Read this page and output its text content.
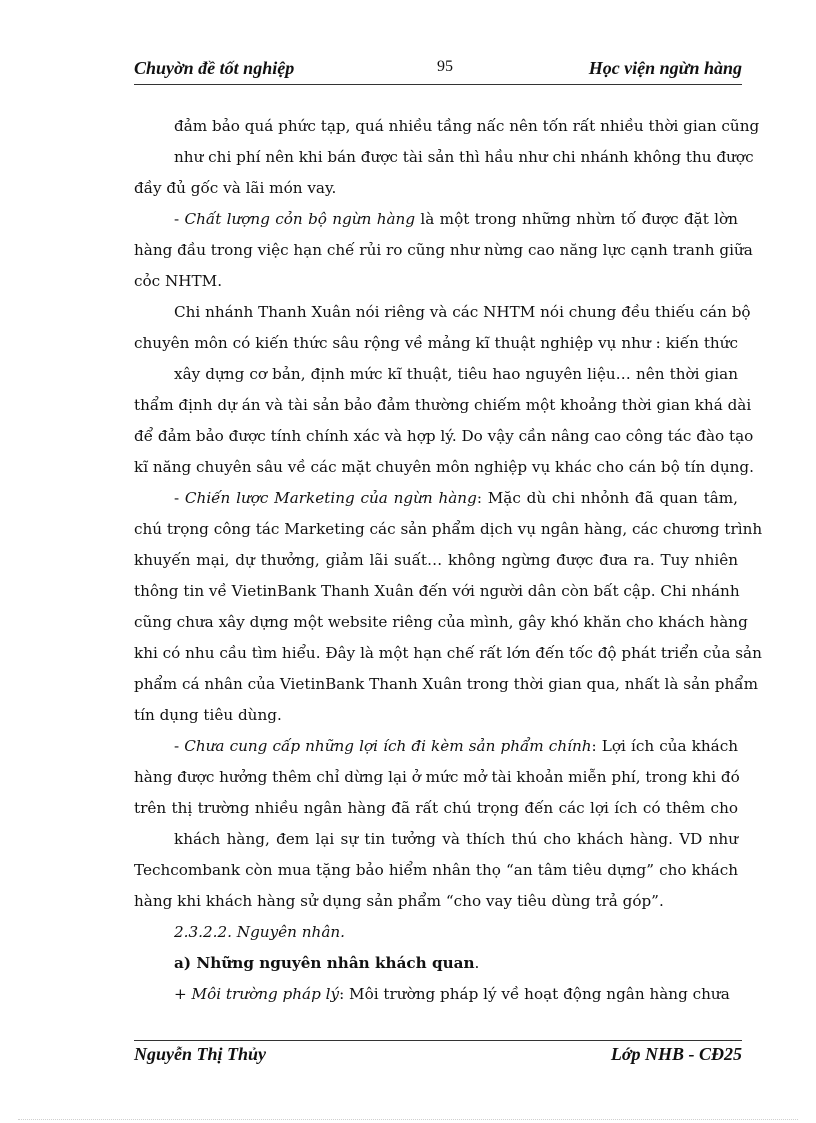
Chuyờn đề tốt nghiệp	95	Học viện ngừn hàng
đảm bảo quá phức tạp, quá nhiều tầng nấc nên tốn rất nhiều thời gian cũng
như chi phí nên khi bán được tài sản thì hầu như chi nhánh không thu được
đầy đủ gốc và lãi món vay.
- Chất lượng cỏn bộ ngừn hàng là một trong những nhừn tố được đặt lờn
hàng đầu trong việc hạn chế rủi ro cũng như nừng cao năng lực cạnh tranh giữa
cỏc NHTM.
Chi nhánh Thanh Xuân nói riêng và các NHTM nói chung đều thiếu cán bộ
chuyên môn có kiến thức sâu rộng về mảng kĩ thuật nghiệp vụ như : kiến thức
xây dựng cơ bản, định mức kĩ thuật, tiêu hao nguyên liệu… nên thời gian
thẩm định dự án và tài sản bảo đảm thường chiếm một khoảng thời gian khá dài
để đảm bảo được tính chính xác và hợp lý. Do vậy cần nâng cao công tác đào tạo
kĩ năng chuyên sâu về các mặt chuyên môn nghiệp vụ khác cho cán bộ tín dụng.
- Chiến lược Marketing của ngừn hàng: Mặc dù chi nhỏnh đã quan tâm,
chú trọng công tác Marketing các sản phẩm dịch vụ ngân hàng, các chương trình
khuyến mại, dự thưởng, giảm lãi suất… không ngừng được đưa ra. Tuy nhiên
thông tin về VietinBank Thanh Xuân đến với người dân còn bất cập. Chi nhánh
cũng chưa xây dựng một website riêng của mình, gây khó khăn cho khách hàng
khi có nhu cầu tìm hiểu. Đây là một hạn chế rất lớn đến tốc độ phát triển của sản
phẩm cá nhân của VietinBank Thanh Xuân trong thời gian qua, nhất là sản phẩm
tín dụng tiêu dùng.
- Chưa cung cấp những lợi ích đi kèm sản phẩm chính: Lợi ích của khách
hàng được hưởng thêm chỉ dừng lại ở mức mở tài khoản miễn phí, trong khi đó
trên thị trường nhiều ngân hàng đã rất chú trọng đến các lợi ích có thêm cho
khách hàng, đem lại sự tin tưởng và thích thú cho khách hàng. VD như
Techcombank còn mua tặng bảo hiểm nhân thọ “an tâm tiêu dựng” cho khách
hàng khi khách hàng sử dụng sản phẩm “cho vay tiêu dùng trả góp”.
2.3.2.2. Nguyên nhân.
a) Những nguyên nhân khách quan.
+ Môi trường pháp lý: Môi trường pháp lý về hoạt động ngân hàng chưa
Nguyễn Thị Thủy	Lớp NHB - CĐ25
